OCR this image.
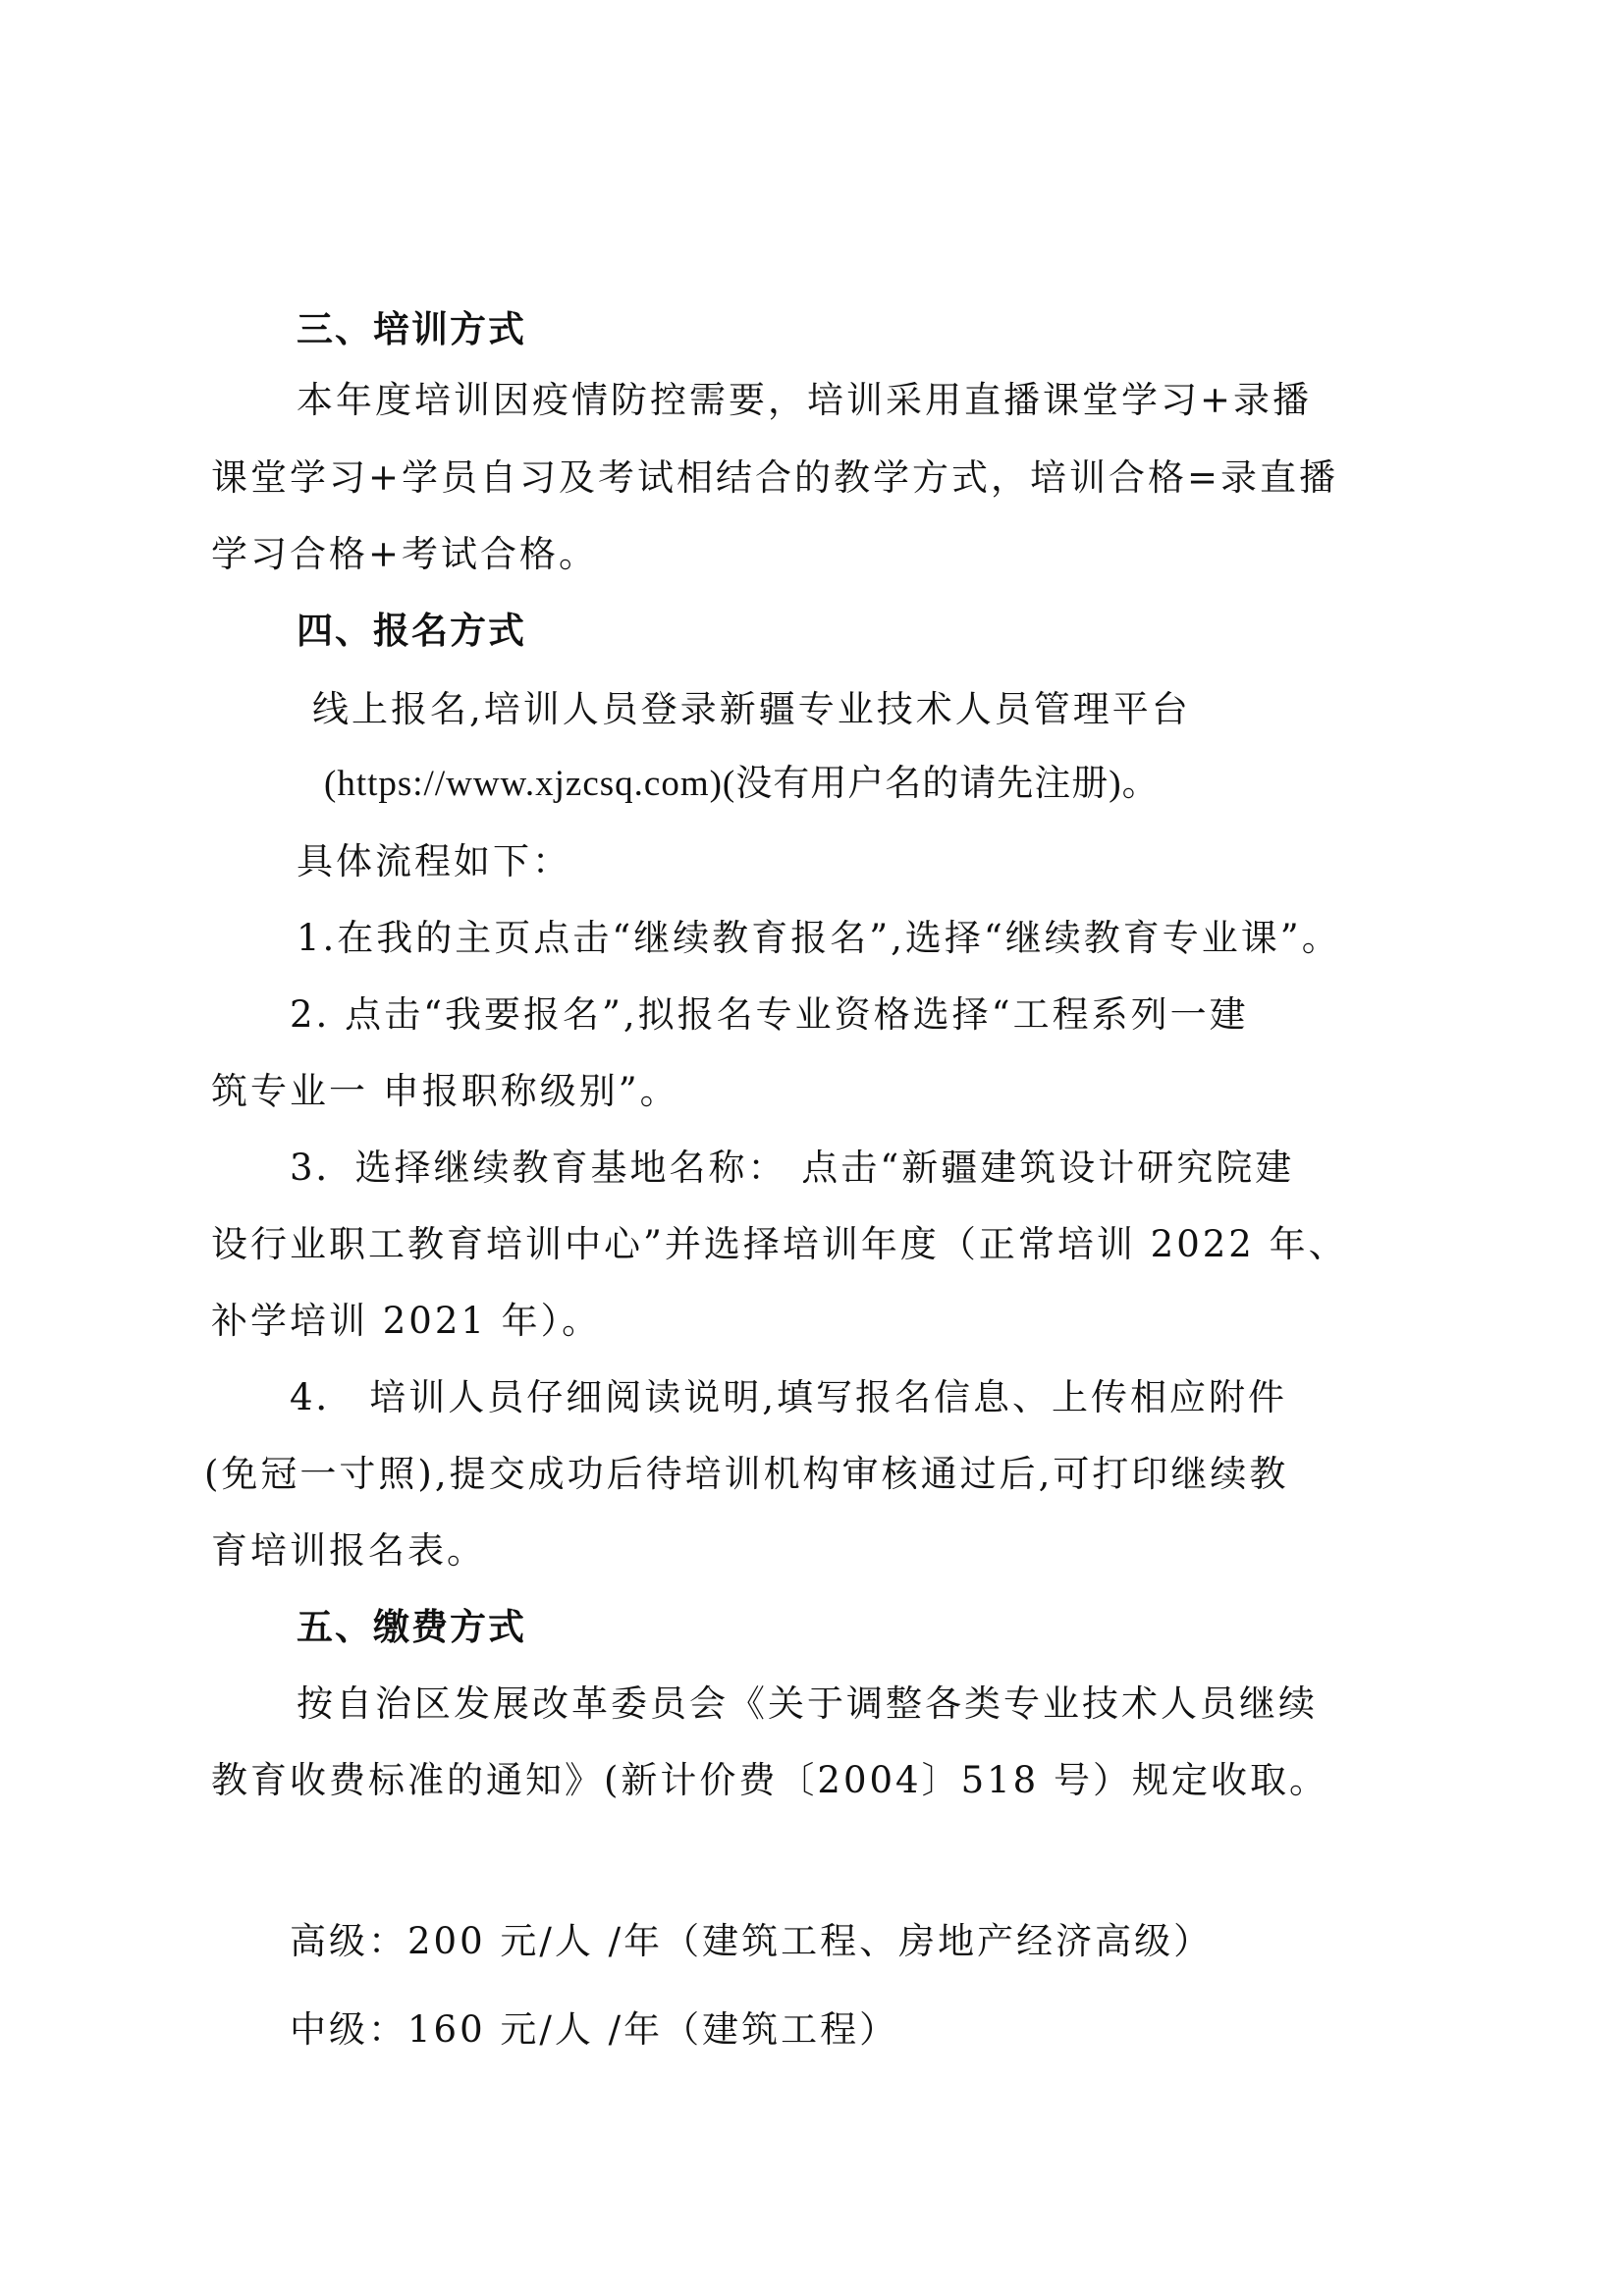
三、培训方式
本年度培训因疫情防控需要，培训采用直播课堂学习+录播
课堂学习+学员自习及考试相结合的教学方式，培训合格=录直播
学习合格+考试合格。
四、报名方式
线上报名,培训人员登录新疆专业技术人员管理平台
(https://www.xjzcsq.com)(没有用户名的请先注册)。
具体流程如下：
1.在我的主页点击“继续教育报名”,选择“继续教育专业课”。
2. 点击“我要报名”,拟报名专业资格选择“工程系列一建
筑专业一 申报职称级别”。
3．选择继续教育基地名称： 点击“新疆建筑设计研究院建
设行业职工教育培训中心”并选择培训年度（正常培训 2022 年、
补学培训 2021 年）。
4． 培训人员仔细阅读说明,填写报名信息、上传相应附件
(免冠一寸照),提交成功后待培训机构审核通过后,可打印继续教
育培训报名表。
五、缴费方式
按自治区发展改革委员会《关于调整各类专业技术人员继续
教育收费标准的通知》(新计价费〔2004〕518 号）规定收取。
高级：200 元/人 /年（建筑工程、房地产经济高级）
中级：160 元/人 /年（建筑工程）
